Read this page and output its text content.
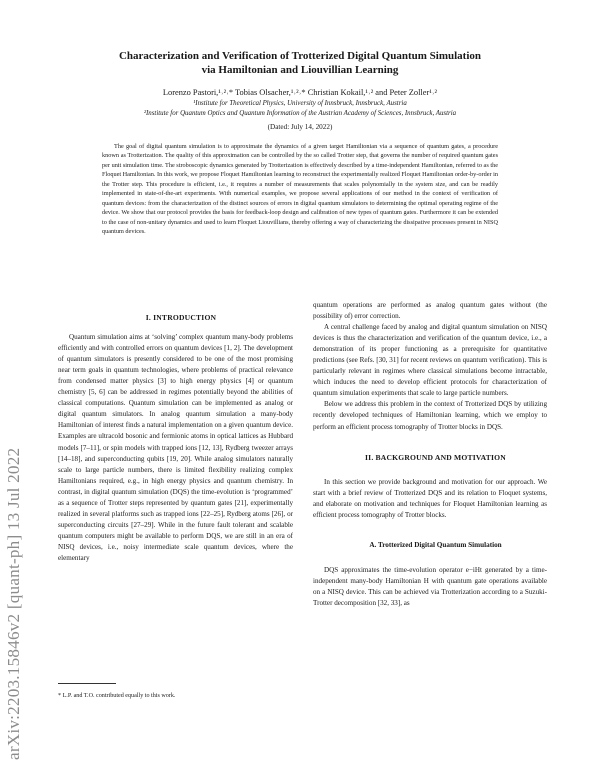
arXiv:2203.15846v2 [quant-ph] 13 Jul 2022
Characterization and Verification of Trotterized Digital Quantum Simulation
via Hamiltonian and Liouvillian Learning
Lorenzo Pastori,¹˒²˒* Tobias Olsacher,¹˒²˒* Christian Kokail,¹˒² and Peter Zoller¹˒²
¹Institute for Theoretical Physics, University of Innsbruck, Innsbruck, Austria
²Institute for Quantum Optics and Quantum Information of the Austrian Academy of Sciences, Innsbruck, Austria
(Dated: July 14, 2022)

The goal of digital quantum simulation is to approximate the dynamics of a given target Hamiltonian via a sequence of quantum gates, a procedure known as Trotterization. The quality of this approximation can be controlled by the so called Trotter step, that governs the number of required quantum gates per unit simulation time. The stroboscopic dynamics generated by Trotterization is effectively described by a time-independent Hamiltonian, referred to as the Floquet Hamiltonian. In this work, we propose Floquet Hamiltonian learning to reconstruct the experimentally realized Floquet Hamiltonian order-by-order in the Trotter step. This procedure is efficient, i.e., it requires a number of measurements that scales polynomially in the system size, and can be readily implemented in state-of-the-art experiments. With numerical examples, we propose several applications of our method in the context of verification of quantum devices: from the characterization of the distinct sources of errors in digital quantum simulators to determining the optimal operating regime of the device. We show that our protocol provides the basis for feedback-loop design and calibration of new types of quantum gates. Furthermore it can be extended to the case of non-unitary dynamics and used to learn Floquet Liouvillians, thereby offering a way of characterizing the dissipative processes present in NISQ quantum devices.

I. INTRODUCTION

Quantum simulation aims at ‘solving’ complex quantum many-body problems efficiently and with controlled errors on quantum devices [1, 2]. The development of quantum simulators is presently considered to be one of the most promising near term goals in quantum technologies, where problems of practical relevance from condensed matter physics [3] to high energy physics [4] or quantum chemistry [5, 6] can be addressed in regimes potentially beyond the abilities of classical computations. Quantum simulation can be implemented as analog or digital quantum simulators. In analog quantum simulation a many-body Hamiltonian of interest finds a natural implementation on a given quantum device. Examples are ultracold bosonic and fermionic atoms in optical lattices as Hubbard models [7–11], or spin models with trapped ions [12, 13], Rydberg tweezer arrays [14–18], and superconducting qubits [19, 20]. While analog simulators naturally scale to large particle numbers, there is limited flexibility realizing complex Hamiltonians required, e.g., in high energy physics and quantum chemistry. In contrast, in digital quantum simulation (DQS) the time-evolution is ‘programmed’ as a sequence of Trotter steps represented by quantum gates [21], experimentally realized in several platforms such as trapped ions [22–25], Rydberg atoms [26], or superconducting circuits [27–29]. While in the future fault tolerant and scalable quantum computers might be available to perform DQS, we are still in an era of NISQ devices, i.e., noisy intermediate scale quantum devices, where the elementary

quantum operations are performed as analog quantum gates without (the possibility of) error correction.

A central challenge faced by analog and digital quantum simulation on NISQ devices is thus the characterization and verification of the quantum device, i.e., a demonstration of its proper functioning as a prerequisite for quantitative predictions (see Refs. [30, 31] for recent reviews on quantum verification). This is particularly relevant in regimes where classical simulations become intractable, which induces the need to develop efficient protocols for characterization of quantum simulation experiments that scale to large particle numbers.

Below we address this problem in the context of Trotterized DQS by utilizing recently developed techniques of Hamiltonian learning, which we employ to perform an efficient process tomography of Trotter blocks in DQS.

II. BACKGROUND AND MOTIVATION

In this section we provide background and motivation for our approach. We start with a brief review of Trotterized DQS and its relation to Floquet systems, and elaborate on motivation and techniques for Floquet Hamiltonian learning as efficient process tomography of Trotter blocks.

A. Trotterized Digital Quantum Simulation

DQS approximates the time-evolution operator e−iHt generated by a time-independent many-body Hamiltonian H with quantum gate operations available on a NISQ device. This can be achieved via Trotterization according to a Suzuki-Trotter decomposition [32, 33], as

* L.P. and T.O. contributed equally to this work.
